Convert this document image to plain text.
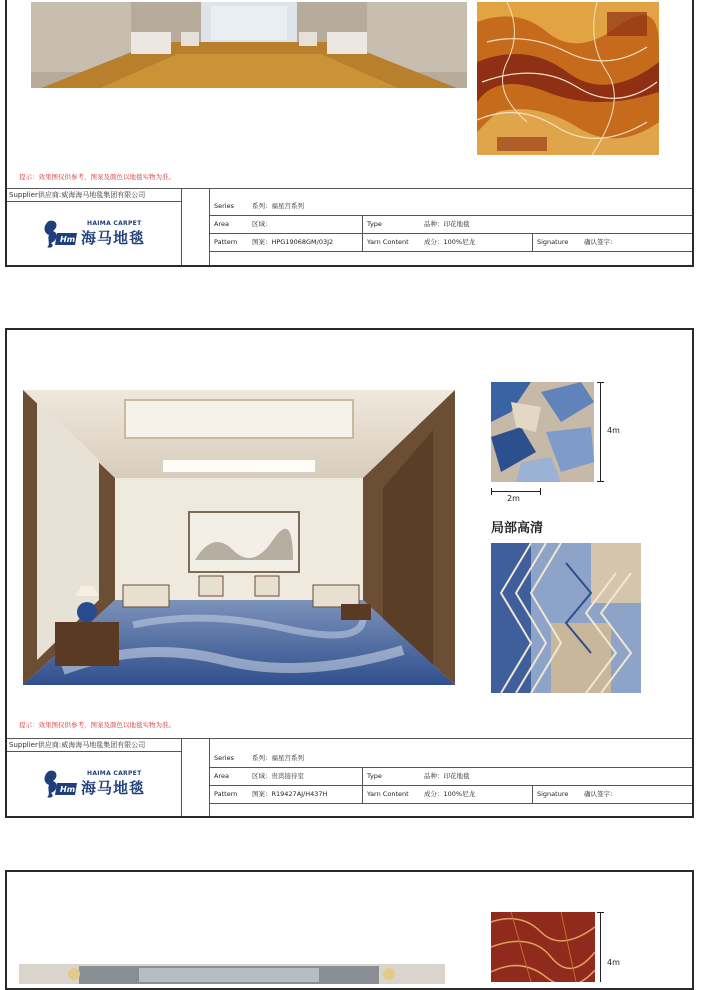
提示：效果图仅供参考，图案及颜色以地毯实物为准。
Supplier供应商:威海海马地毯集团有限公司
Hm
HAIMA CARPET
海马地毯
Series	系列：福星宫系列
Area	区域：	Type	品种：印花地毯
Pattern	图案：HPG19068GM/03J2	Yarn Content	成分：100%尼龙	Signature	确认签字：
4m
2m
局部高清
提示：效果图仅供参考，图案及颜色以地毯实物为准。
Supplier供应商:威海海马地毯集团有限公司
Hm
HAIMA CARPET
海马地毯
Series	系列：福星宫系列
Area	区域：贵宾接待室	Type	品种：印花地毯
Pattern	图案：R19427AJ/H437H	Yarn Content	成分：100%尼龙	Signature	确认签字：
4m
